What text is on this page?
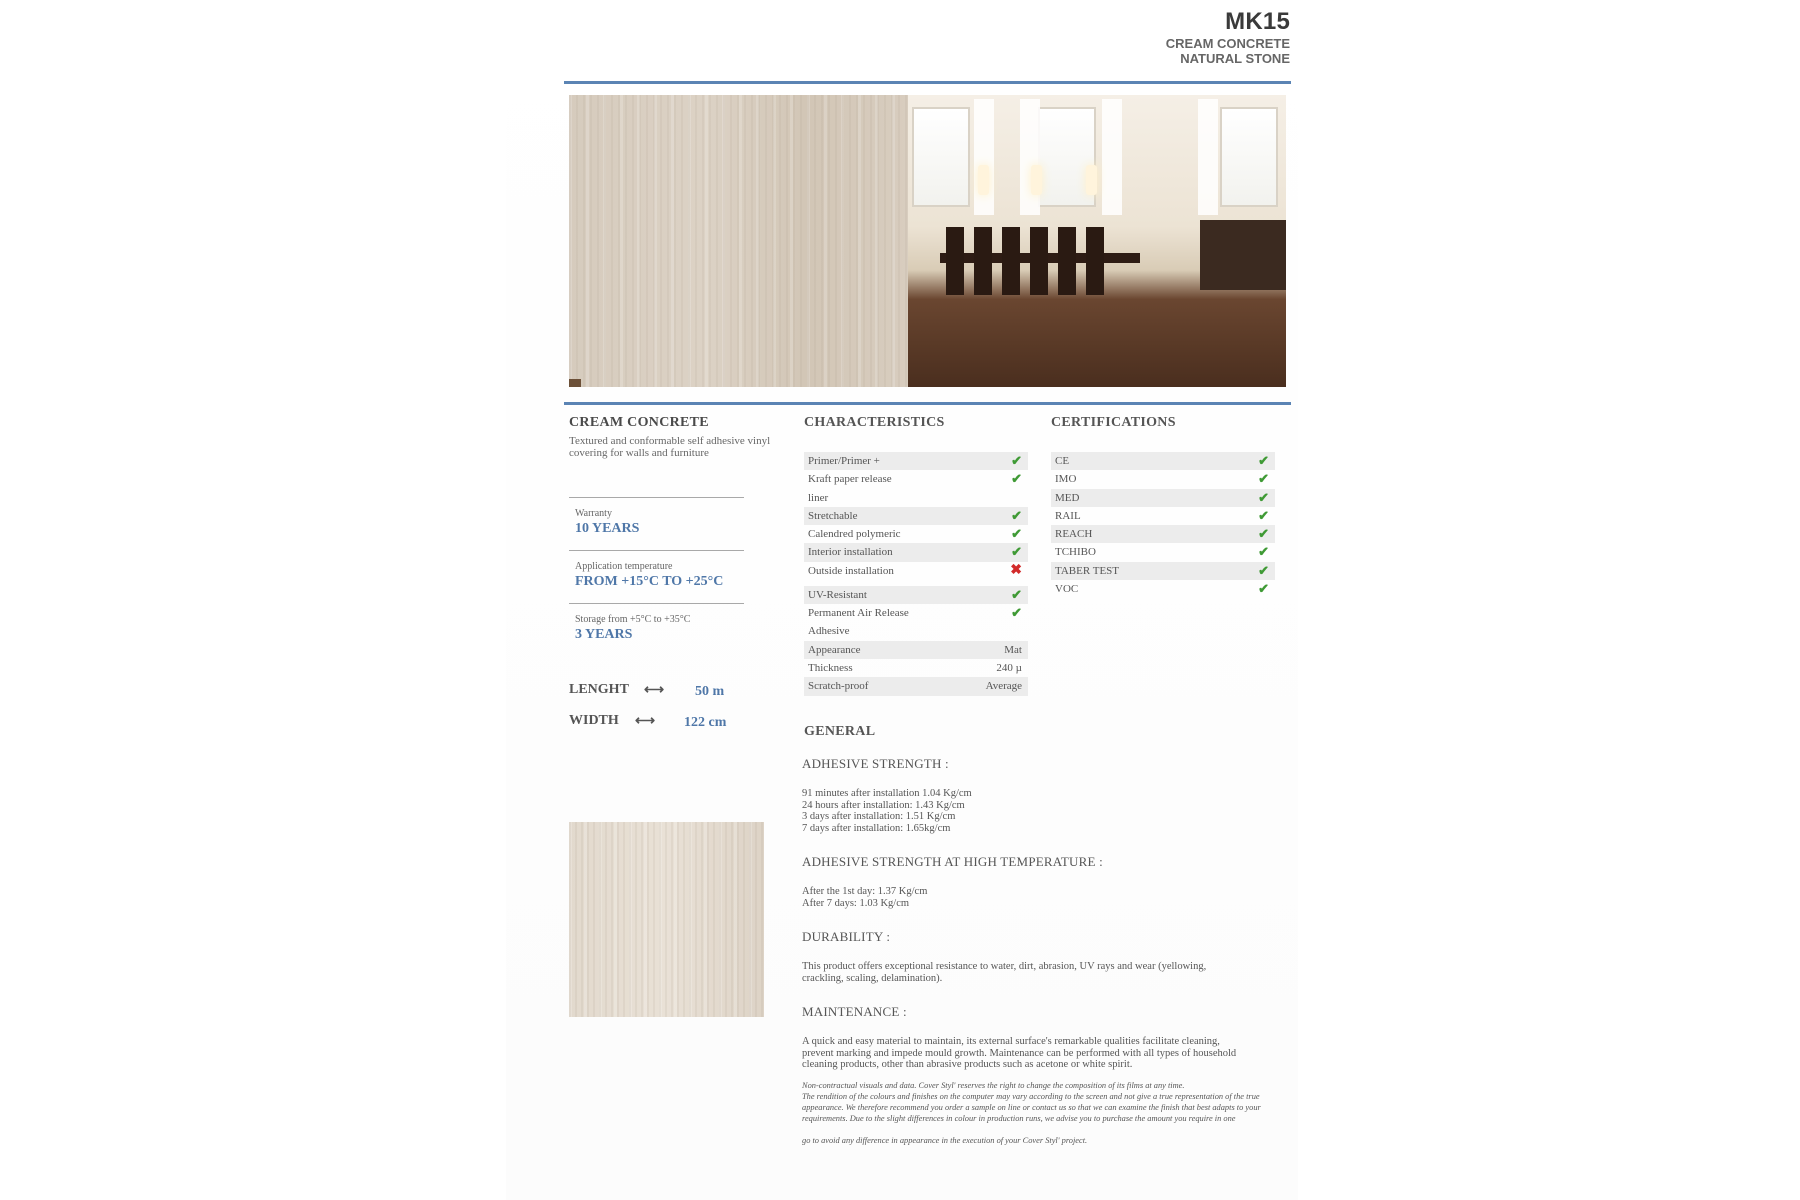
MK15
CREAM CONCRETE
NATURAL STONE
CREAM CONCRETE
Textured and conformable self adhesive vinyl covering for walls and furniture
Warranty
10 YEARS
Application temperature
FROM +15°C TO +25°C
Storage from +5°C to +35°C
3 YEARS
LENGHT ⟷ 50 m
WIDTH ⟷ 122 cm
CHARACTERISTICS
Primer/Primer +	✔
Kraft paper release	✔
liner
Stretchable	✔
Calendred polymeric	✔
Interior installation	✔
Outside installation	✖
UV-Resistant	✔
Permanent Air Release	✔
Adhesive
Appearance	Mat
Thickness	240 µ
Scratch-proof	Average
CERTIFICATIONS
CE	✔
IMO	✔
MED	✔
RAIL	✔
REACH	✔
TCHIBO	✔
TABER TEST	✔
VOC	✔
GENERAL
ADHESIVE STRENGTH :
91 minutes after installation 1.04 Kg/cm
24 hours after installation: 1.43 Kg/cm
3 days after installation: 1.51 Kg/cm
7 days after installation: 1.65kg/cm
ADHESIVE STRENGTH AT HIGH TEMPERATURE :
After the 1st day: 1.37 Kg/cm
After 7 days: 1.03 Kg/cm
DURABILITY :
This product offers exceptional resistance to water, dirt, abrasion, UV rays and wear (yellowing,
crackling, scaling, delamination).
MAINTENANCE :
A quick and easy material to maintain, its external surface's remarkable qualities facilitate cleaning,
prevent marking and impede mould growth. Maintenance can be performed with all types of household
cleaning products, other than abrasive products such as acetone or white spirit.
Non-contractual visuals and data. Cover Styl' reserves the right to change the composition of its films at any time.
The rendition of the colours and finishes on the computer may vary according to the screen and not give a true representation of the true appearance. We therefore recommend you order a sample on line or contact us so that we can examine the finish that best adapts to your requirements. Due to the slight differences in colour in production runs, we advise you to purchase the amount you require in one

go to avoid any difference in appearance in the execution of your Cover Styl' project.
